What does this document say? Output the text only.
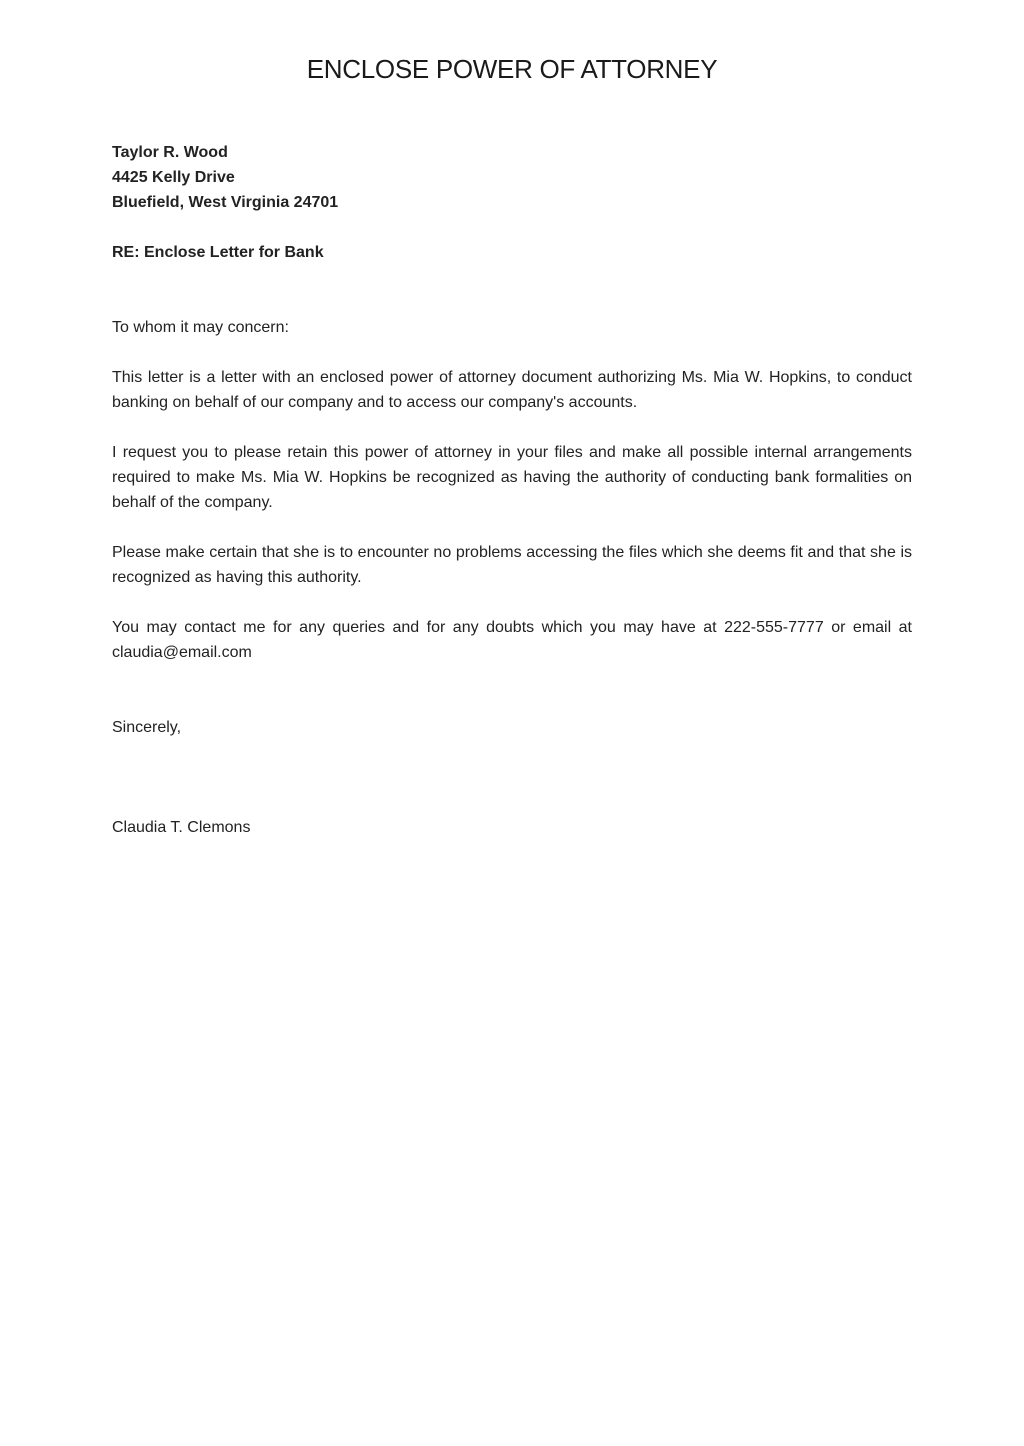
ENCLOSE POWER OF ATTORNEY

Taylor R. Wood

4425 Kelly Drive

Bluefield, West Virginia 24701

RE: Enclose Letter for Bank

To whom it may concern:

This letter is a letter with an enclosed power of attorney document authorizing Ms. Mia W. Hopkins, to conduct banking on behalf of our company and to access our company's accounts.

I request you to please retain this power of attorney in your files and make all possible internal arrangements required to make Ms. Mia W. Hopkins be recognized as having the authority of conducting bank formalities on behalf of the company.

Please make certain that she is to encounter no problems accessing the files which she deems fit and that she is recognized as having this authority.

You may contact me for any queries and for any doubts which you may have at 222-555-7777 or email at claudia@email.com

Sincerely,

Claudia T. Clemons
